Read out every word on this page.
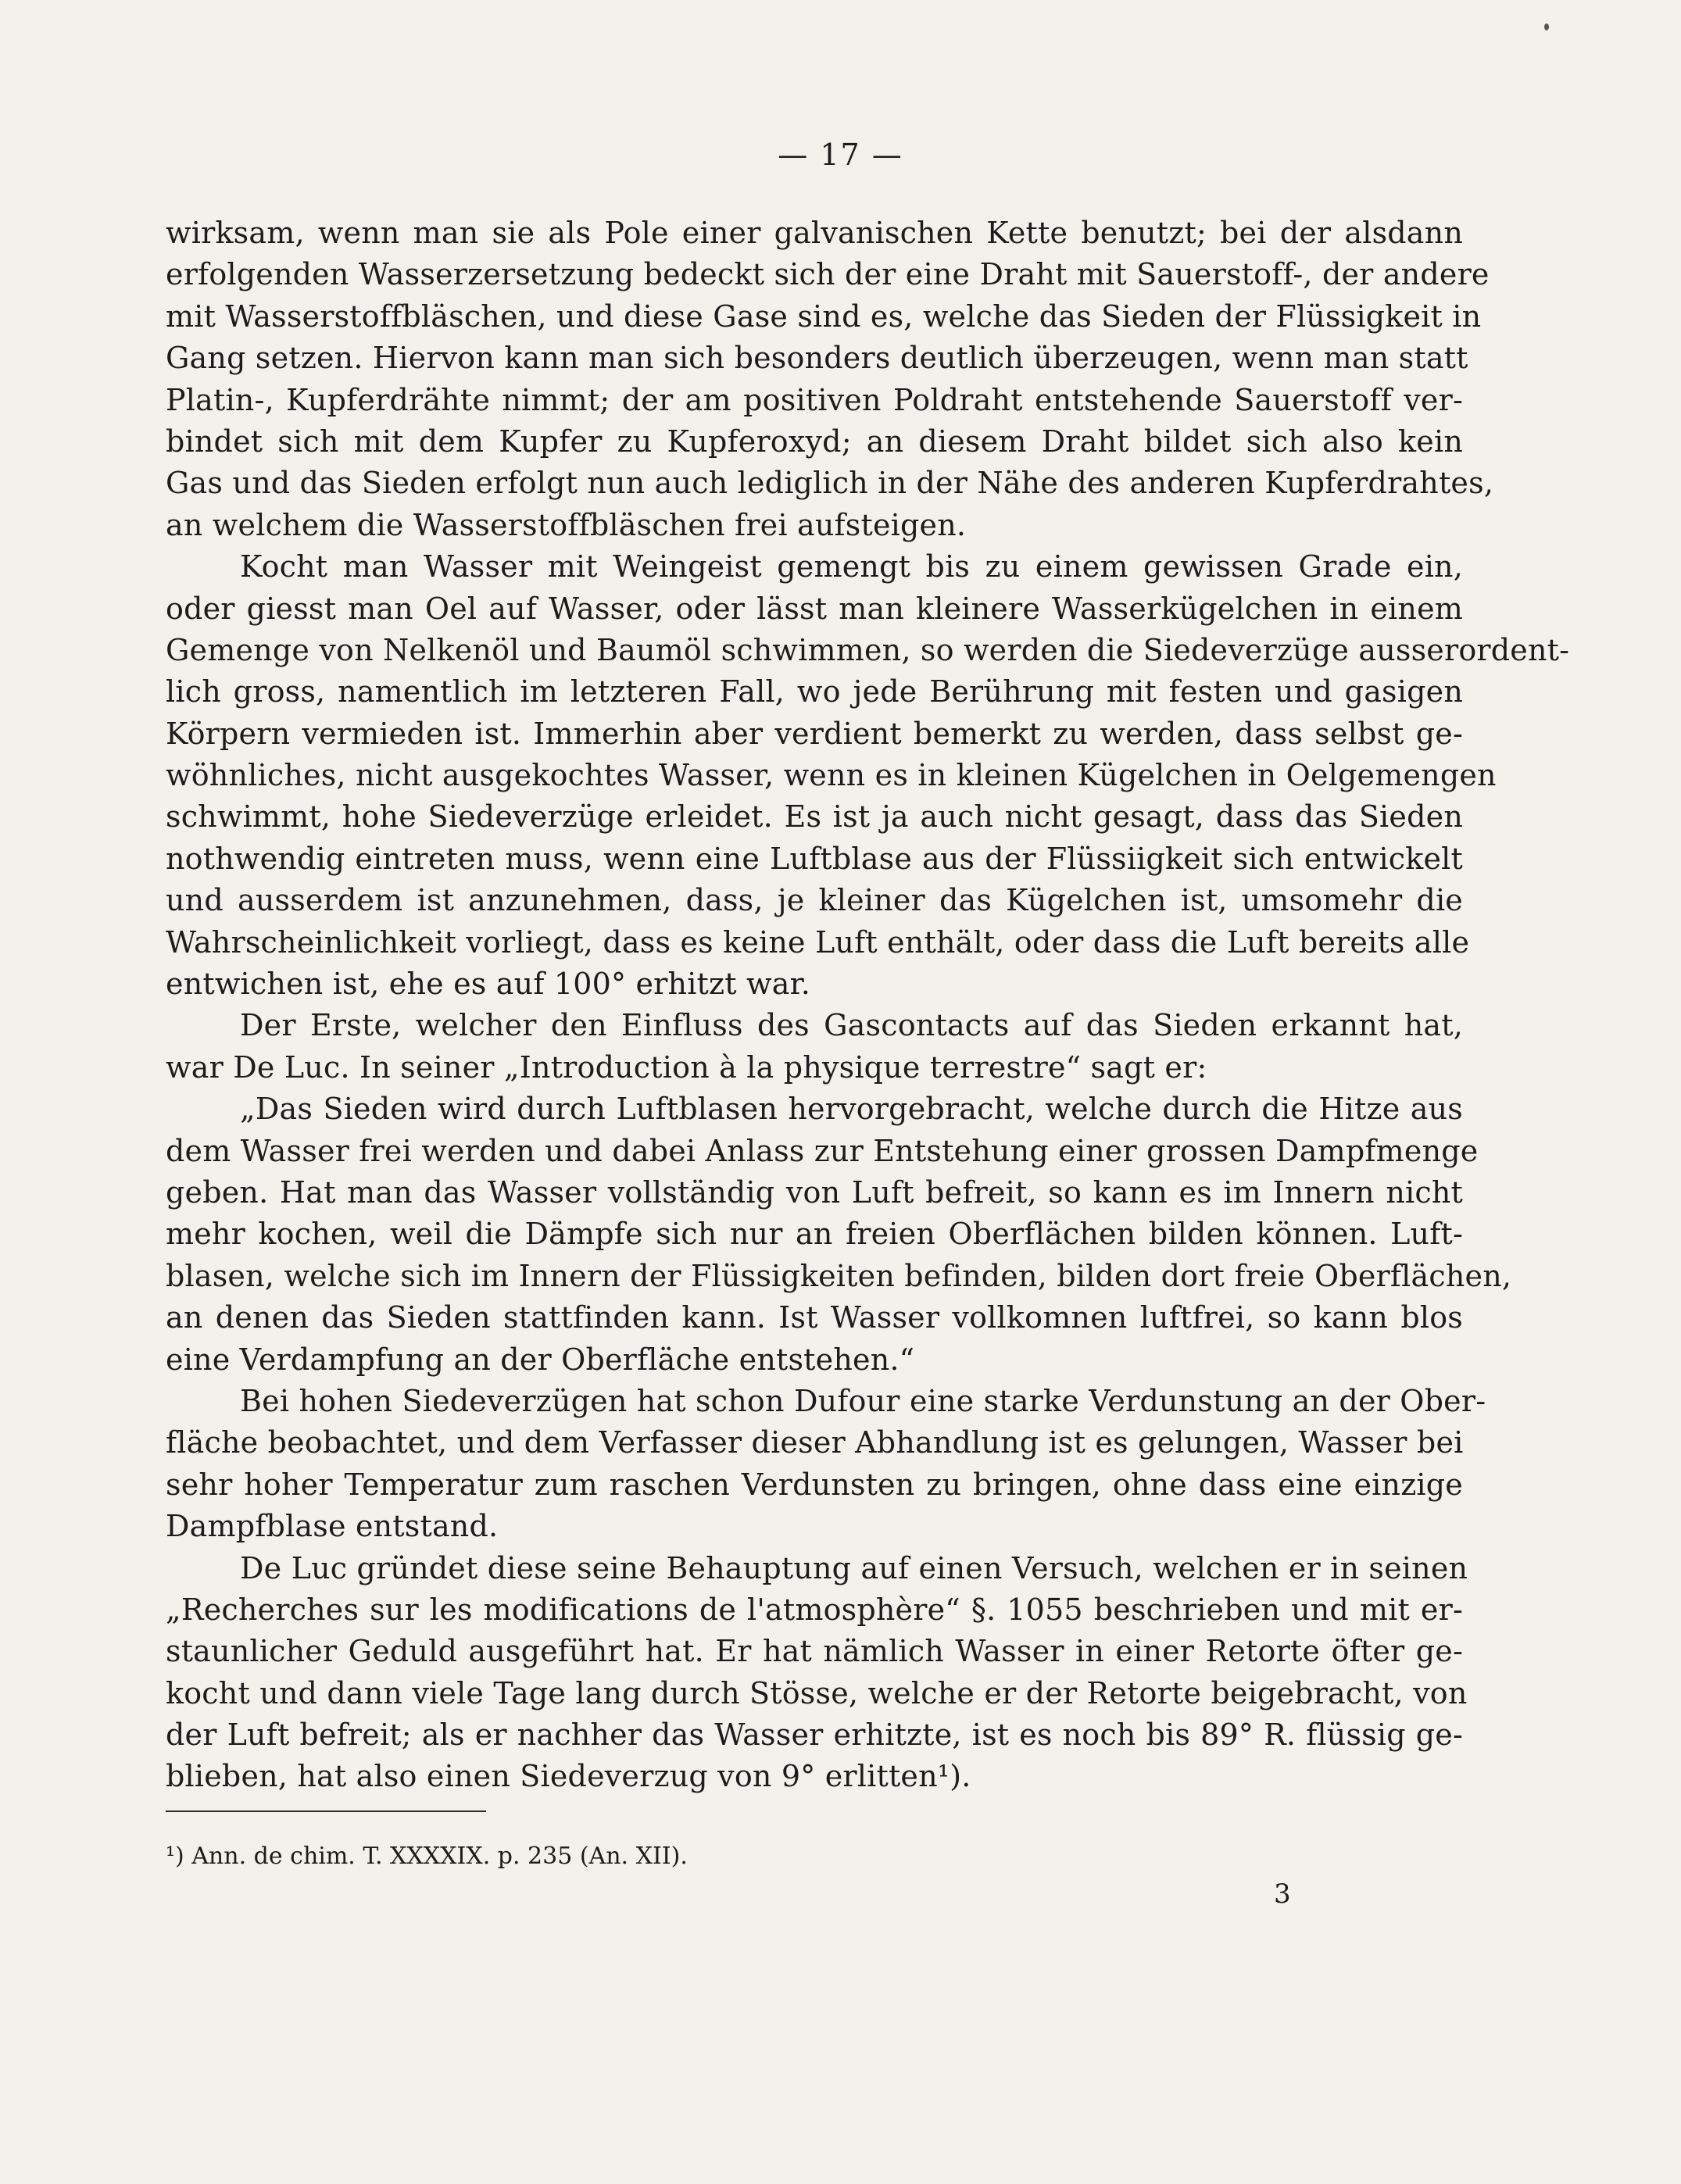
— 17 —
wirksam, wenn man sie als Pole einer galvanischen Kette benutzt; bei der alsdann
erfolgenden Wasserzersetzung bedeckt sich der eine Draht mit Sauerstoff-, der andere
mit Wasserstoffbläschen, und diese Gase sind es, welche das Sieden der Flüssigkeit in
Gang setzen. Hiervon kann man sich besonders deutlich überzeugen, wenn man statt
Platin-, Kupferdrähte nimmt; der am positiven Poldraht entstehende Sauerstoff ver-
bindet sich mit dem Kupfer zu Kupferoxyd; an diesem Draht bildet sich also kein
Gas und das Sieden erfolgt nun auch lediglich in der Nähe des anderen Kupferdrahtes,
an welchem die Wasserstoffbläschen frei aufsteigen.
Kocht man Wasser mit Weingeist gemengt bis zu einem gewissen Grade ein,
oder giesst man Oel auf Wasser, oder lässt man kleinere Wasserkügelchen in einem
Gemenge von Nelkenöl und Baumöl schwimmen, so werden die Siedeverzüge ausserordent-
lich gross, namentlich im letzteren Fall, wo jede Berührung mit festen und gasigen
Körpern vermieden ist. Immerhin aber verdient bemerkt zu werden, dass selbst ge-
wöhnliches, nicht ausgekochtes Wasser, wenn es in kleinen Kügelchen in Oelgemengen
schwimmt, hohe Siedeverzüge erleidet. Es ist ja auch nicht gesagt, dass das Sieden
nothwendig eintreten muss, wenn eine Luftblase aus der Flüssiigkeit sich entwickelt
und ausserdem ist anzunehmen, dass, je kleiner das Kügelchen ist, umsomehr die
Wahrscheinlichkeit vorliegt, dass es keine Luft enthält, oder dass die Luft bereits alle
entwichen ist, ehe es auf 100° erhitzt war.
Der Erste, welcher den Einfluss des Gascontacts auf das Sieden erkannt hat,
war De Luc. In seiner „Introduction à la physique terrestre“ sagt er:
„Das Sieden wird durch Luftblasen hervorgebracht, welche durch die Hitze aus
dem Wasser frei werden und dabei Anlass zur Entstehung einer grossen Dampfmenge
geben. Hat man das Wasser vollständig von Luft befreit, so kann es im Innern nicht
mehr kochen, weil die Dämpfe sich nur an freien Oberflächen bilden können. Luft-
blasen, welche sich im Innern der Flüssigkeiten befinden, bilden dort freie Oberflächen,
an denen das Sieden stattfinden kann. Ist Wasser vollkomnen luftfrei, so kann blos
eine Verdampfung an der Oberfläche entstehen.“
Bei hohen Siedeverzügen hat schon Dufour eine starke Verdunstung an der Ober-
fläche beobachtet, und dem Verfasser dieser Abhandlung ist es gelungen, Wasser bei
sehr hoher Temperatur zum raschen Verdunsten zu bringen, ohne dass eine einzige
Dampfblase entstand.
De Luc gründet diese seine Behauptung auf einen Versuch, welchen er in seinen
„Recherches sur les modifications de l'atmosphère“ §. 1055 beschrieben und mit er-
staunlicher Geduld ausgeführt hat. Er hat nämlich Wasser in einer Retorte öfter ge-
kocht und dann viele Tage lang durch Stösse, welche er der Retorte beigebracht, von
der Luft befreit; als er nachher das Wasser erhitzte, ist es noch bis 89° R. flüssig ge-
blieben, hat also einen Siedeverzug von 9° erlitten¹).
¹) Ann. de chim. T. XXXXIX. p. 235 (An. XII).
3
